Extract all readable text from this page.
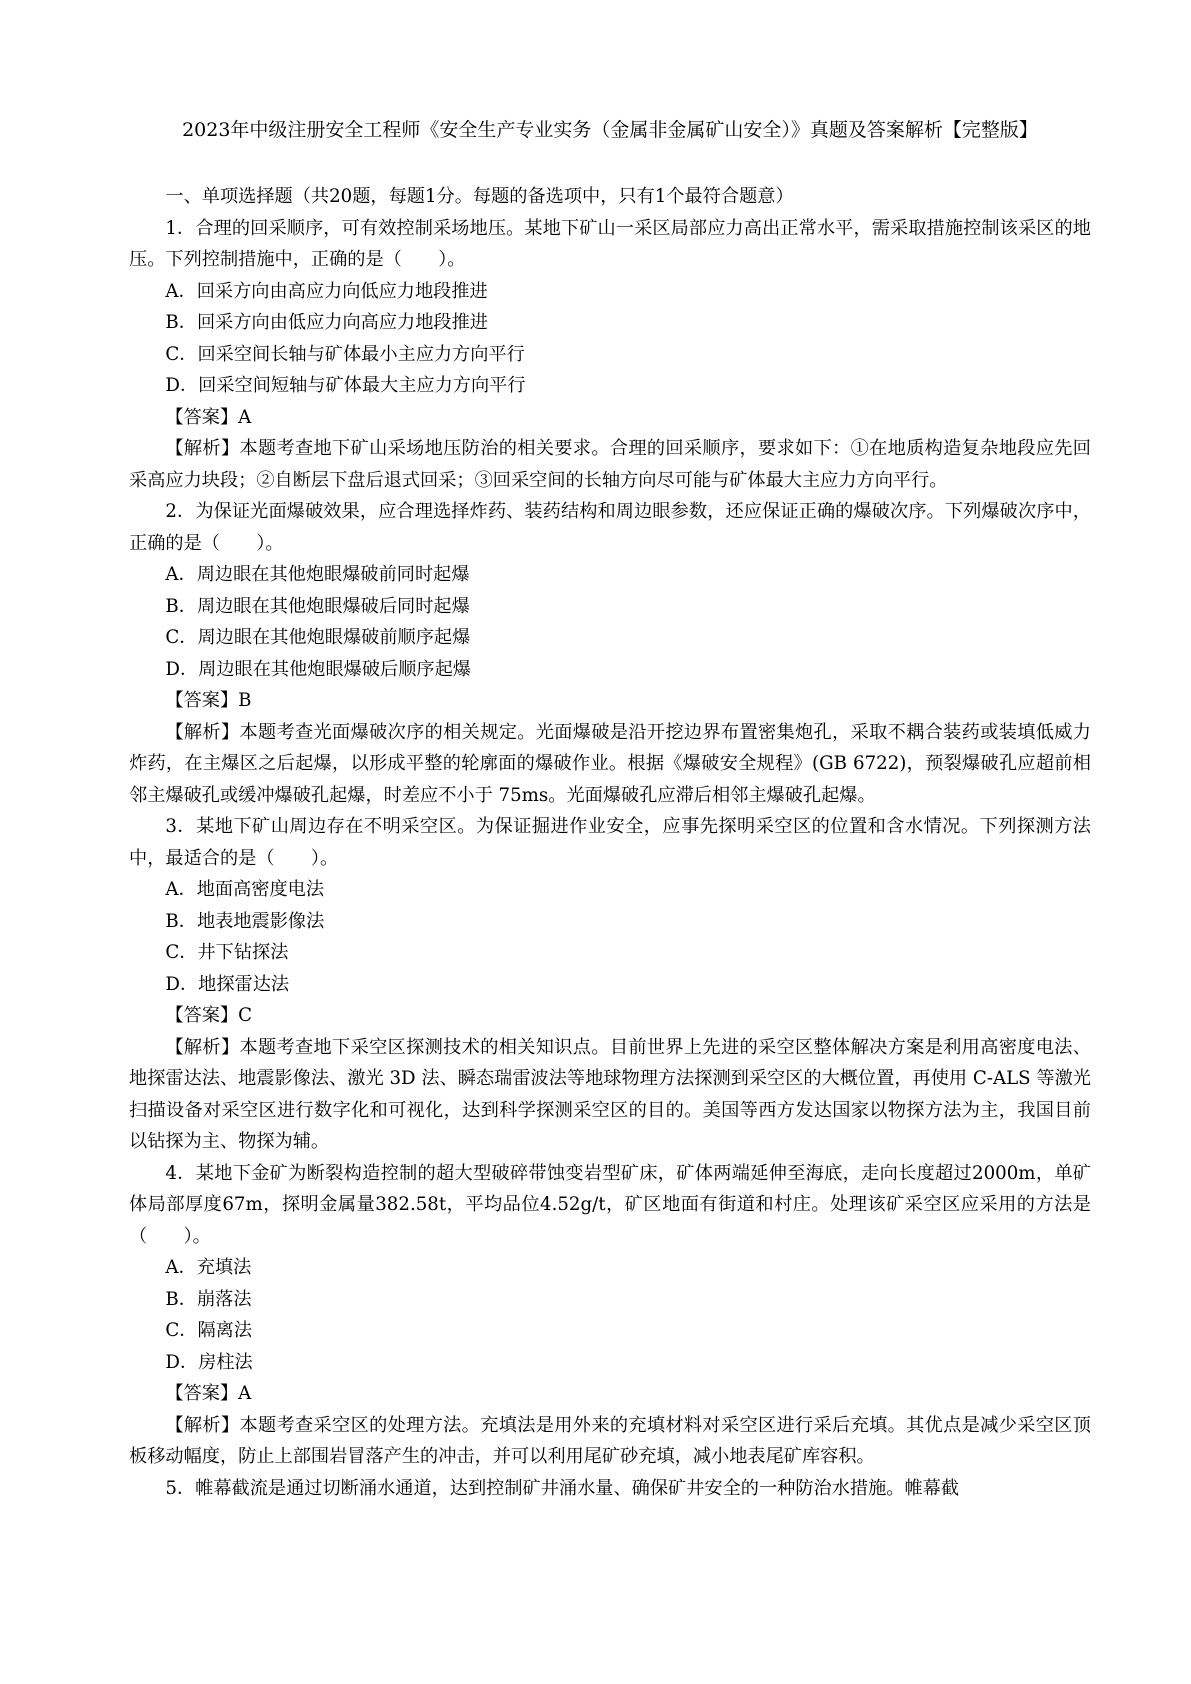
2023年中级注册安全工程师《安全生产专业实务（金属非金属矿山安全）》真题及答案解析【完整版】

一、单项选择题（共20题，每题1分。每题的备选项中，只有1个最符合题意）

1．合理的回采顺序，可有效控制采场地压。某地下矿山一采区局部应力高出正常水平，需采取措施控制该采区的地压。下列控制措施中，正确的是（　　）。

A．回采方向由高应力向低应力地段推进

B．回采方向由低应力向高应力地段推进

C．回采空间长轴与矿体最小主应力方向平行

D．回采空间短轴与矿体最大主应力方向平行

【答案】A

【解析】本题考查地下矿山采场地压防治的相关要求。合理的回采顺序，要求如下：①在地质构造复杂地段应先回采高应力块段；②自断层下盘后退式回采；③回采空间的长轴方向尽可能与矿体最大主应力方向平行。

2．为保证光面爆破效果，应合理选择炸药、装药结构和周边眼参数，还应保证正确的爆破次序。下列爆破次序中，正确的是（　　）。

A．周边眼在其他炮眼爆破前同时起爆

B．周边眼在其他炮眼爆破后同时起爆

C．周边眼在其他炮眼爆破前顺序起爆

D．周边眼在其他炮眼爆破后顺序起爆

【答案】B

【解析】本题考查光面爆破次序的相关规定。光面爆破是沿开挖边界布置密集炮孔，采取不耦合装药或装填低威力炸药，在主爆区之后起爆，以形成平整的轮廓面的爆破作业。根据《爆破安全规程》(GB 6722)，预裂爆破孔应超前相邻主爆破孔或缓冲爆破孔起爆，时差应不小于 75ms。光面爆破孔应滞后相邻主爆破孔起爆。

3．某地下矿山周边存在不明采空区。为保证掘进作业安全，应事先探明采空区的位置和含水情况。下列探测方法中，最适合的是（　　）。

A．地面高密度电法

B．地表地震影像法

C．井下钻探法

D．地探雷达法

【答案】C

【解析】本题考查地下采空区探测技术的相关知识点。目前世界上先进的采空区整体解决方案是利用高密度电法、地探雷达法、地震影像法、激光 3D 法、瞬态瑞雷波法等地球物理方法探测到采空区的大概位置，再使用 C-ALS 等激光扫描设备对采空区进行数字化和可视化，达到科学探测采空区的目的。美国等西方发达国家以物探方法为主，我国目前以钻探为主、物探为辅。

4．某地下金矿为断裂构造控制的超大型破碎带蚀变岩型矿床，矿体两端延伸至海底，走向长度超过2000m，单矿体局部厚度67m，探明金属量382.58t，平均品位4.52g/t，矿区地面有街道和村庄。处理该矿采空区应采用的方法是（　　）。

A．充填法

B．崩落法

C．隔离法

D．房柱法

【答案】A

【解析】本题考查采空区的处理方法。充填法是用外来的充填材料对采空区进行采后充填。其优点是减少采空区顶板移动幅度，防止上部围岩冒落产生的冲击，并可以利用尾矿砂充填，减小地表尾矿库容积。

5．帷幕截流是通过切断涌水通道，达到控制矿井涌水量、确保矿井安全的一种防治水措施。帷幕截
